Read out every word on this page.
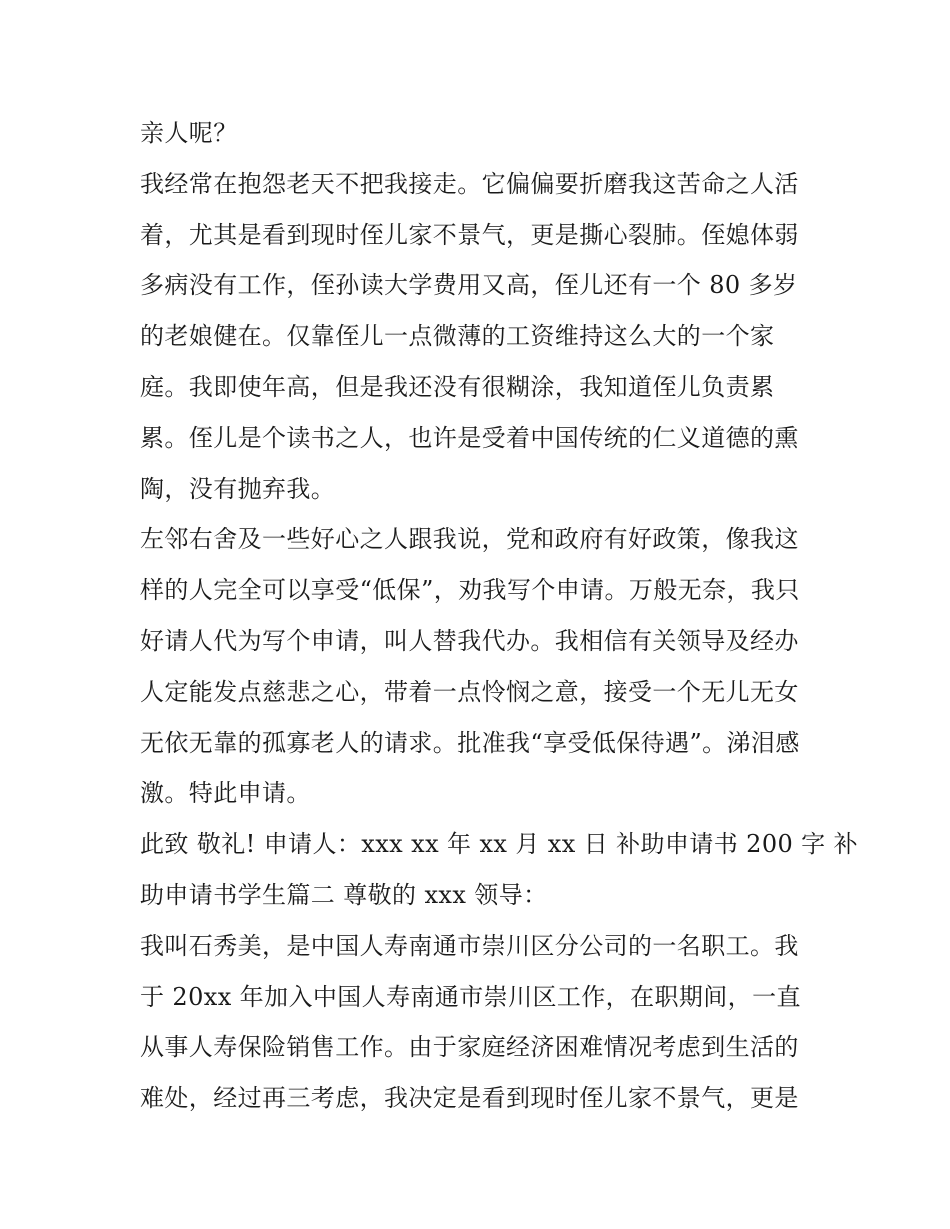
亲人呢？
我经常在抱怨老天不把我接走。它偏偏要折磨我这苦命之人活
着，尤其是看到现时侄儿家不景气，更是撕心裂肺。侄媳体弱
多病没有工作，侄孙读大学费用又高，侄儿还有一个 80 多岁
的老娘健在。仅靠侄儿一点微薄的工资维持这么大的一个家
庭。我即使年高，但是我还没有很糊涂，我知道侄儿负责累
累。侄儿是个读书之人，也许是受着中国传统的仁义道德的熏
陶，没有抛弃我。
左邻右舍及一些好心之人跟我说，党和政府有好政策，像我这
样的人完全可以享受“低保”，劝我写个申请。万般无奈，我只
好请人代为写个申请，叫人替我代办。我相信有关领导及经办
人定能发点慈悲之心，带着一点怜悯之意，接受一个无儿无女
无依无靠的孤寡老人的请求。批准我“享受低保待遇”。涕泪感
激。特此申请。
此致 敬礼! 申请人：xxx xx 年 xx 月 xx 日 补助申请书 200 字 补
助申请书学生篇二 尊敬的 xxx 领导：
我叫石秀美，是中国人寿南通市崇川区分公司的一名职工。我
于 20xx 年加入中国人寿南通市崇川区工作，在职期间，一直
从事人寿保险销售工作。由于家庭经济困难情况考虑到生活的
难处，经过再三考虑，我决定是看到现时侄儿家不景气，更是
